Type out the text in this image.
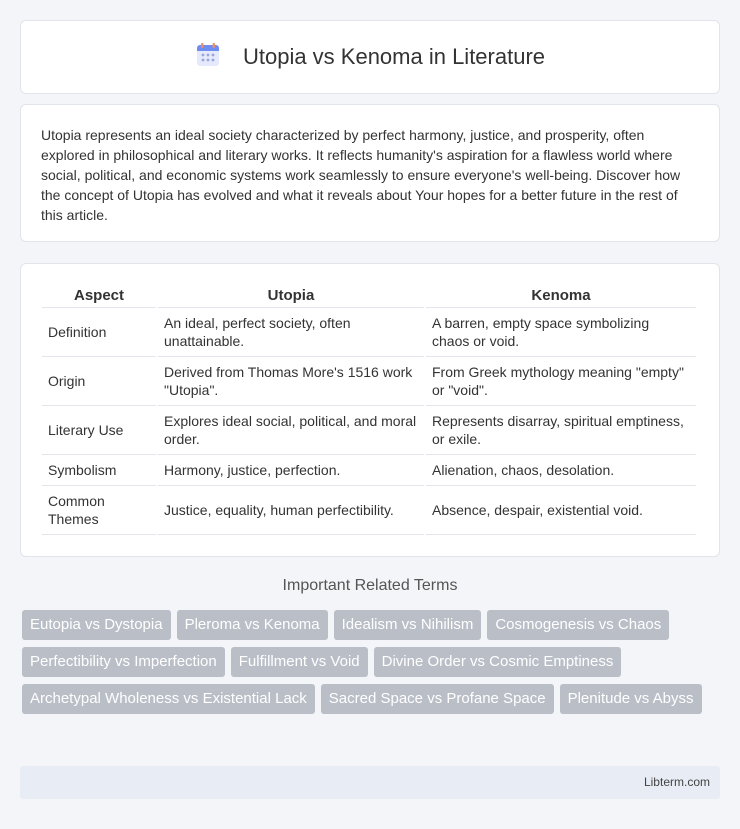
Utopia vs Kenoma in Literature

Utopia represents an ideal society characterized by perfect harmony, justice, and prosperity, often explored in philosophical and literary works. It reflects humanity's aspiration for a flawless world where social, political, and economic systems work seamlessly to ensure everyone's well-being. Discover how the concept of Utopia has evolved and what it reveals about Your hopes for a better future in the rest of this article.

Aspect	Utopia	Kenoma
Definition	An ideal, perfect society, often unattainable.	A barren, empty space symbolizing chaos or void.
Origin	Derived from Thomas More's 1516 work "Utopia".	From Greek mythology meaning "empty" or "void".
Literary Use	Explores ideal social, political, and moral order.	Represents disarray, spiritual emptiness, or exile.
Symbolism	Harmony, justice, perfection.	Alienation, chaos, desolation.
Common Themes	Justice, equality, human perfectibility.	Absence, despair, existential void.
Important Related Terms
Eutopia vs Dystopia	Pleroma vs Kenoma	Idealism vs Nihilism	Cosmogenesis vs Chaos
Perfectibility vs Imperfection	Fulfillment vs Void	Divine Order vs Cosmic Emptiness
Archetypal Wholeness vs Existential Lack	Sacred Space vs Profane Space	Plenitude vs Abyss
Libterm.com
